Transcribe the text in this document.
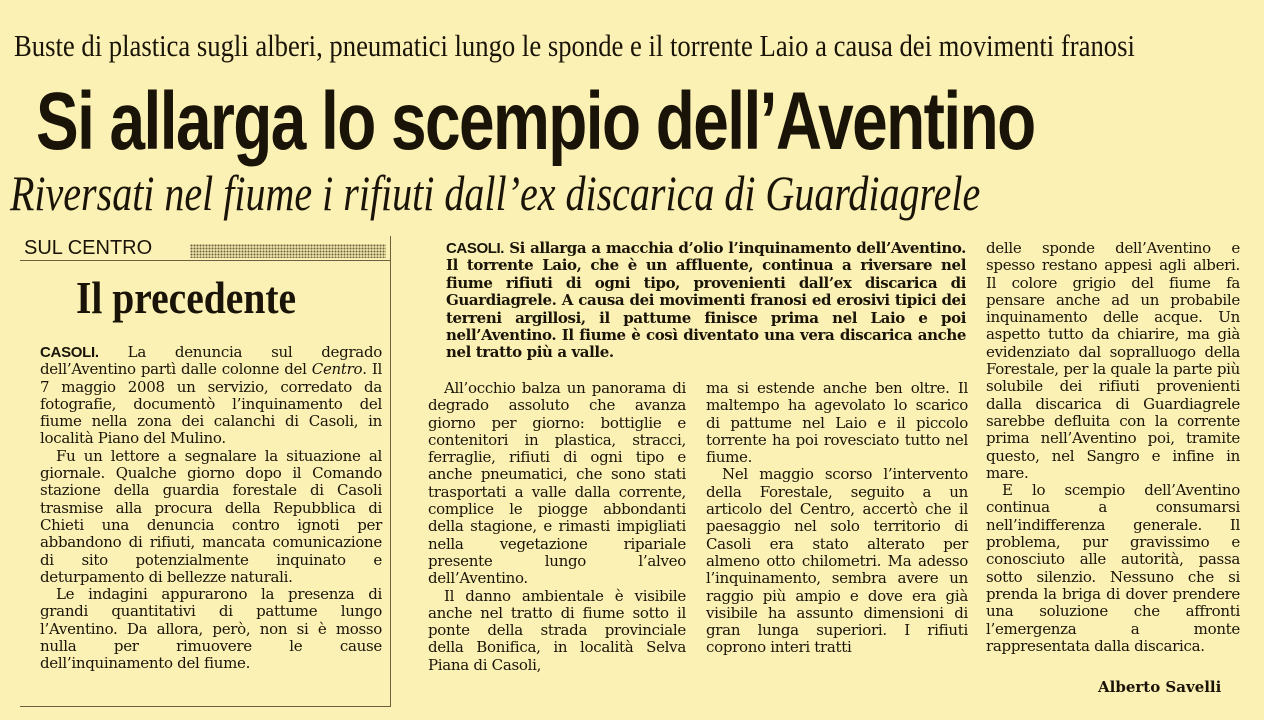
Buste di plastica sugli alberi, pneumatici lungo le sponde e il torrente Laio a causa dei movimenti franosi
Si allarga lo scempio dell’Aventino
Riversati nel fiume i rifiuti dall’ex discarica di Guardiagrele
SUL CENTRO
Il precedente

CASOLI. La denuncia sul degrado dell’Aventino partì dalle colonne del Centro. Il 7 maggio 2008 un servizio, corredato da fotografie, documentò l’inquinamento del fiume nella zona dei calanchi di Casoli, in località Piano del Mulino.

Fu un lettore a segnalare la situazione al giornale. Qualche giorno dopo il Comando stazione della guardia forestale di Casoli trasmise alla procura della Repubblica di Chieti una denuncia contro ignoti per abbandono di rifiuti, mancata comunicazione di sito potenzialmente inquinato e deturpamento di bellezze naturali.

Le indagini appurarono la presenza di grandi quantitativi di pattume lungo l’Aventino. Da allora, però, non si è mosso nulla per rimuovere le cause dell’inquinamento del fiume.

CASOLI. Si allarga a macchia d’olio l’inquinamento dell’Aventino. Il torrente Laio, che è un affluente, continua a riversare nel fiume rifiuti di ogni tipo, provenienti dall’ex discarica di Guardiagrele. A causa dei movimenti franosi ed erosivi tipici dei terreni argillosi, il pattume finisce prima nel Laio e poi nell’Aventino. Il fiume è così diventato una vera discarica anche nel tratto più a valle.

All’occhio balza un panorama di degrado assoluto che avanza giorno per giorno: bottiglie e contenitori in plastica, stracci, ferraglie, rifiuti di ogni tipo e anche pneumatici, che sono stati trasportati a valle dalla corrente, complice le piogge abbondanti della stagione, e rimasti impigliati nella vegetazione ripariale presente lungo l’alveo dell’Aventino.

Il danno ambientale è visibile anche nel tratto di fiume sotto il ponte della strada provinciale della Bonifica, in località Selva Piana di Casoli,

ma si estende anche ben oltre. Il maltempo ha agevolato lo scarico di pattume nel Laio e il piccolo torrente ha poi rovesciato tutto nel fiume.

Nel maggio scorso l’intervento della Forestale, seguito a un articolo del Centro, accertò che il paesaggio nel solo territorio di Casoli era stato alterato per almeno otto chilometri. Ma adesso l’inquinamento, sembra avere un raggio più ampio e dove era già visibile ha assunto dimensioni di gran lunga superiori. I rifiuti coprono interi tratti

delle sponde dell’Aventino e spesso restano appesi agli alberi. Il colore grigio del fiume fa pensare anche ad un probabile inquinamento delle acque. Un aspetto tutto da chiarire, ma già evidenziato dal sopralluogo della Forestale, per la quale la parte più solubile dei rifiuti provenienti dalla discarica di Guardiagrele sarebbe defluita con la corrente prima nell’Aventino poi, tramite questo, nel Sangro e infine in mare.

E lo scempio dell’Aventino continua a consumarsi nell’indifferenza generale. Il problema, pur gravissimo e conosciuto alle autorità, passa sotto silenzio. Nessuno che si prenda la briga di dover prendere una soluzione che affronti l’emergenza a monte rappresentata dalla discarica.

Alberto Savelli
